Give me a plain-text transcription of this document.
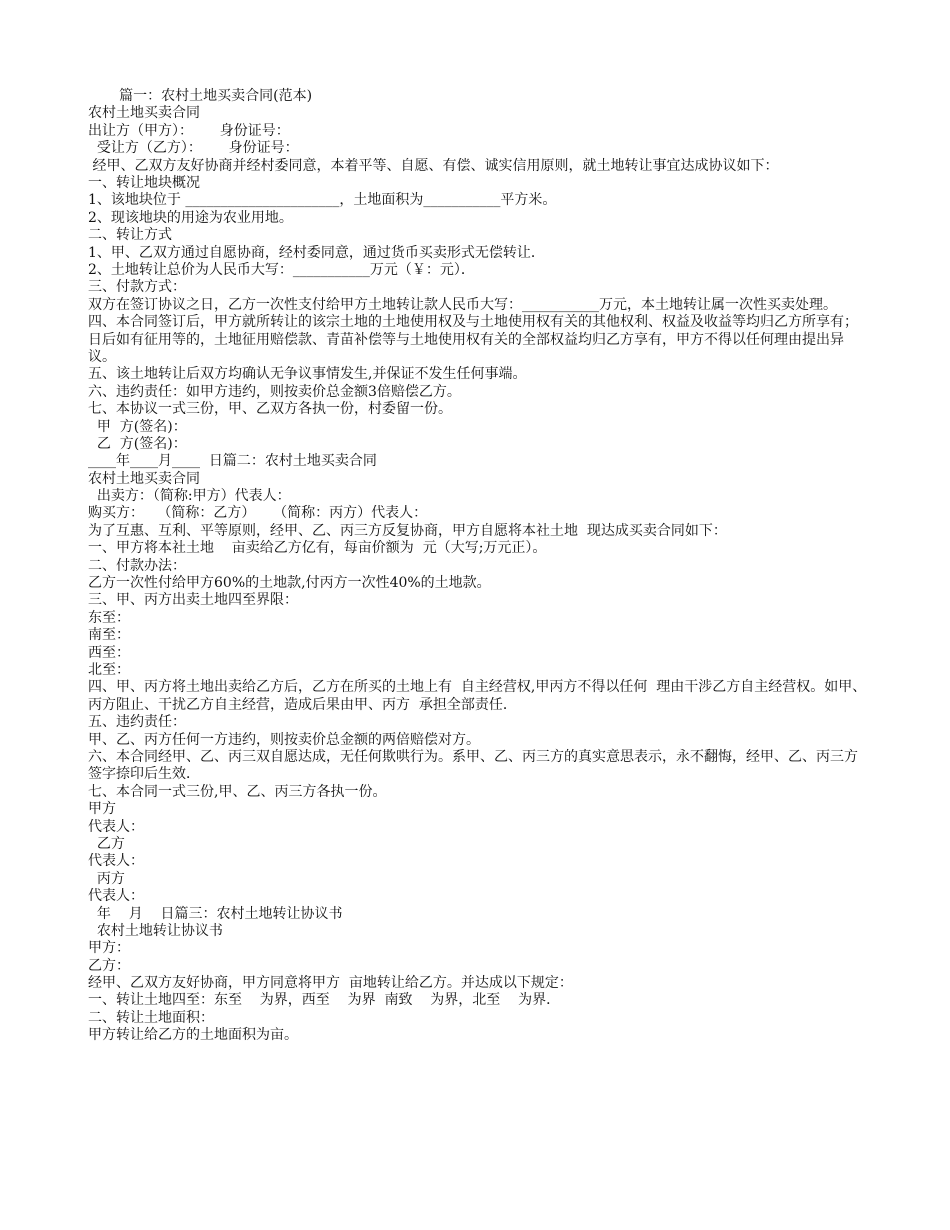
篇一：农村土地买卖合同(范本)
农村土地买卖合同
出让方（甲方）：      身份证号：
受让方（乙方）：      身份证号：
经甲、乙双方友好协商并经村委同意，本着平等、自愿、有偿、诚实信用原则，就土地转让事宜达成协议如下：
一、转让地块概况
1、该地块位于 ______________________，土地面积为___________平方米。
2、现该地块的用途为农业用地。
二、转让方式
1、甲、乙双方通过自愿协商，经村委同意，通过货币买卖形式无偿转让．
2、土地转让总价为人民币大写：___________万元（￥：元）．
三、付款方式：
双方在签订协议之日，乙方一次性支付给甲方土地转让款人民币大写：___________万元，本土地转让属一次性买卖处理。
四、本合同签订后，甲方就所转让的该宗土地的土地使用权及与土地使用权有关的其他权利、权益及收益等均归乙方所享有；日后如有征用等的，土地征用赔偿款、青苗补偿等与土地使用权有关的全部权益均归乙方享有，甲方不得以任何理由提出异议。
五、该土地转让后双方均确认无争议事情发生,并保证不发生任何事端。
六、违约责任：如甲方违约，则按卖价总金额3倍赔偿乙方。
七、本协议一式三份，甲、乙双方各执一份，村委留一份。
甲  方(签名)：
乙  方(签名)：
____年____月____  日篇二：农村土地买卖合同
农村土地买卖合同
出卖方：（简称:甲方）代表人：
购买方：   （简称：乙方）    （简称：丙方）代表人：
为了互惠、互利、平等原则，经甲、乙、丙三方反复协商，甲方自愿将本社土地  现达成买卖合同如下：
一、甲方将本社土地    亩卖给乙方亿有，每亩价额为  元（大写;万元正）。
二、付款办法：
乙方一次性付给甲方60%的土地款,付丙方一次性40%的土地款。
三、甲、丙方出卖土地四至界限：
东至：
南至：
西至：
北至：
四、甲、丙方将土地出卖给乙方后，乙方在所买的土地上有  自主经营权,甲丙方不得以任何  理由干涉乙方自主经营权。如甲、丙方阻止、干扰乙方自主经营，造成后果由甲、丙方  承担全部责任．
五、违约责任：
甲、乙、丙方任何一方违约，则按卖价总金额的两倍赔偿对方。
六、本合同经甲、乙、丙三双自愿达成，无任何欺哄行为。系甲、乙、丙三方的真实意思表示，永不翻悔，经甲、乙、丙三方签字捺印后生效．
七、本合同一式三份,甲、乙、丙三方各执一份。
甲方
代表人：
乙方
代表人：
丙方
代表人：
年    月    日篇三：农村土地转让协议书
农村土地转让协议书
甲方：
乙方：
经甲、乙双方友好协商，甲方同意将甲方  亩地转让给乙方。并达成以下规定：
一、转让土地四至：东至    为界，西至    为界  南致    为界，北至    为界．
二、转让土地面积：
甲方转让给乙方的土地面积为亩。
